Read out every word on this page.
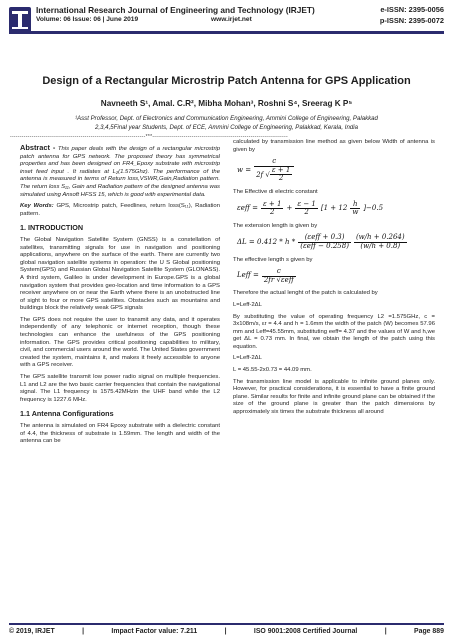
International Research Journal of Engineering and Technology (IRJET)
Volume: 06 Issue: 06 | June 2019	www.irjet.net
e-ISSN: 2395-0056
p-ISSN: 2395-0072
Design of a Rectangular Microstrip Patch Antenna for GPS Application
Navneeth S¹, Amal. C.R², Mibha Mohan³, Roshni S⁴, Sreerag K P⁵
¹Asst Professor, Dept. of Electronics and Communication Engineering, Ammini College of Engineering, Palakkad
2,3,4,5Final year Students, Dept. of ECE, Ammini College of Engineering, Palakkad, Kerala, India
---------------------------------------------------------------------***---------------------------------------------------------------------

Abstract - This paper deals with the design of a rectangular microstrip patch antenna for GPS network. The proposed theory has symmetrical properties and has been designed on FR4_Epoxy substrate with microstrip inset feed input . It radiates at L₂(1.575Ghz). The performance of the antenna is measured in terms of Return loss,VSWR,Gain,Radiation pattern. The return loss S₁₁, Gain and Radiation pattern of the designed antenna was simulated using Ansoft HFSS 15, which is good with experimental data.

Key Words: GPS, Microstrip patch, Feedlines, return loss(S₁₁), Radiation pattern.

1. INTRODUCTION

The Global Navigation Satellite System (GNSS) is a constellation of satellites, transmitting signals for use in navigation and positioning applications, anywhere on the surface of the earth. There are currently two global navigation satellite systems in operation: the U S Global positioning System(GPS) and Russian Global Navigation Satellite System (GLONASS). A third system, Galileo is under development in Europe.GPS is a global navigation system that provides geo-location and time information to a GPS receiver anywhere on or near the Earth where there is an unobstructed line of sight to four or more GPS satellites. Obstacles such as mountains and buildings block the relatively weak GPS signals

The GPS does not require the user to transmit any data, and it operates independently of any telephonic or internet reception, though these technologies can enhance the usefulness of the GPS positioning information. The GPS provides critical positioning capabilities to military, civil, and commercial users around the world. The United States government created the system, maintains it, and makes it freely accessible to anyone with a GPS receiver.

The GPS satellite transmit low power radio signal on multiple frequencies. L1 and L2 are the two basic carrier frequencies that contain the navigational signal. The L1 frequency is 1575.42MHzin the UHF band while the L2 frequency is 1227.6 MHz.

1.1 Antenna Configurations

The antenna is simulated on FR4 Epoxy substrate with a dielectric constant of 4.4, the thickness of substrate is 1.59mm. The length and width of the antenna can be

calculated by transmission line method as given below Width of antenna is given by

$w = \frac{c}{2f √ \frac{\varepsilon + 1}{2}}$

The Effective di electric constant

$\varepsilon eff = \frac{\varepsilon + 1}{2} + \frac{\varepsilon - 1}{2} [1 + 12 \frac{h}{w} ]-0.5$

The extension length is given by

$\Delta L = 0.412 * h * \frac{\text{(εeff + 0.3)}}{\text{(εeff − 0.258)}} \frac{(w/h + 0.264)}{(w/h + 0.8)}$

The effective length s given by

Leff = $\frac{c}{\text{2fr √εeff}}$

Therefore the actual lenght of the patch is calculated by

L=Leff-2ΔL

By substituting the value of operating frequency L2 =1.575GHz, c = 3x108m/s, εr = 4.4 and h = 1.6mm the width of the patch (W) becomes 57.96 mm and Leff=45.55mm, substituting eeff= 4.37 and the values of W and h,we get ΔL = 0.73 mm. In final, we obtain the length of the patch using this equation.

L=Leff-2ΔL

L = 45.55-2x0.73 = 44.09 mm.

The transmission line model is applicable to infinite ground planes only. However, for practical considerations, it is essential to have a finite ground plane. Similar results for finite and infinite ground plane can be obtained if the size of the ground plane is greater than the patch dimensions by approximately six times the substrate thickness all around

© 2019, IRJET	|	Impact Factor value: 7.211	|	ISO 9001:2008 Certified Journal	|	Page 889
